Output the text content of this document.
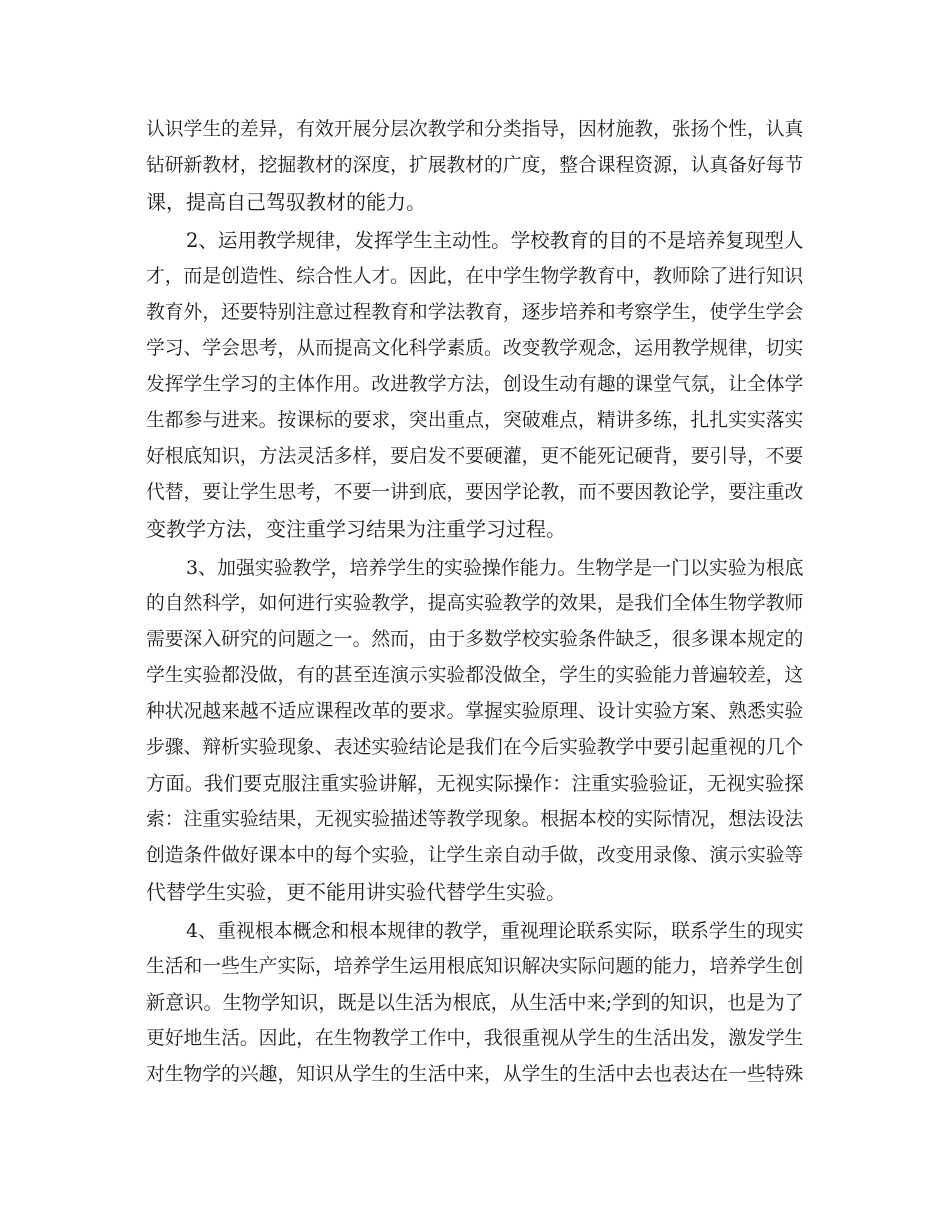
认识学生的差异，有效开展分层次教学和分类指导，因材施教，张扬个性，认真
钻研新教材，挖掘教材的深度，扩展教材的广度，整合课程资源，认真备好每节
课，提高自己驾驭教材的能力。
2、运用教学规律，发挥学生主动性。学校教育的目的不是培养复现型人
才，而是创造性、综合性人才。因此，在中学生物学教育中，教师除了进行知识
教育外，还要特别注意过程教育和学法教育，逐步培养和考察学生，使学生学会
学习、学会思考，从而提高文化科学素质。改变教学观念，运用教学规律，切实
发挥学生学习的主体作用。改进教学方法，创设生动有趣的课堂气氛，让全体学
生都参与进来。按课标的要求，突出重点，突破难点，精讲多练，扎扎实实落实
好根底知识，方法灵活多样，要启发不要硬灌，更不能死记硬背，要引导，不要
代替，要让学生思考，不要一讲到底，要因学论教，而不要因教论学，要注重改
变教学方法，变注重学习结果为注重学习过程。
3、加强实验教学，培养学生的实验操作能力。生物学是一门以实验为根底
的自然科学，如何进行实验教学，提高实验教学的效果，是我们全体生物学教师
需要深入研究的问题之一。然而，由于多数学校实验条件缺乏，很多课本规定的
学生实验都没做，有的甚至连演示实验都没做全，学生的实验能力普遍较差，这
种状况越来越不适应课程改革的要求。掌握实验原理、设计实验方案、熟悉实验
步骤、辩析实验现象、表述实验结论是我们在今后实验教学中要引起重视的几个
方面。我们要克服注重实验讲解，无视实际操作：注重实验验证，无视实验探
索：注重实验结果，无视实验描述等教学现象。根据本校的实际情况，想法设法
创造条件做好课本中的每个实验，让学生亲自动手做，改变用录像、演示实验等
代替学生实验，更不能用讲实验代替学生实验。
4、重视根本概念和根本规律的教学，重视理论联系实际，联系学生的现实
生活和一些生产实际，培养学生运用根底知识解决实际问题的能力，培养学生创
新意识。生物学知识，既是以生活为根底，从生活中来;学到的知识，也是为了
更好地生活。因此，在生物教学工作中，我很重视从学生的生活出发，激发学生
对生物学的兴趣，知识从学生的生活中来，从学生的生活中去也表达在一些特殊
